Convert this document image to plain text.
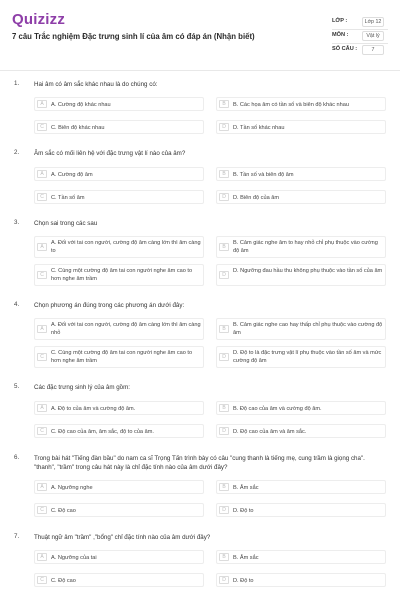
Quizizz
7 câu Trắc nghiệm Đặc trưng sinh lí của âm có đáp án (Nhận biết)
LỚP :	Lớp 12
MÔN :	Vật lý
SỐ CÂU :	7
1. Hai âm có âm sắc khác nhau là do chúng có:
A	A. Cường độ khác nhau	B	B. Các họa âm có tần số và biên độ khác nhau
C	C. Biên độ khác nhau	D	D. Tần số khác nhau
2. Âm sắc có mối liên hệ với đặc trưng vật lí nào của âm?
A	A. Cường độ âm	B	B. Tần số và biên độ âm
C	C. Tần số âm	D	D. Biên độ của âm
3. Chọn sai trong các sau
A
A. Đối với tai con người, cường độ âm càng lớn thì âm càng to
B
B. Cảm giác nghe âm to hay nhỏ chỉ phụ thuộc vào cường độ âm
C
C. Cùng một cường độ âm tai con người nghe âm cao to hơn nghe âm trầm
D
D. Ngưỡng đau hầu thu không phụ thuộc vào tần số của âm
4. Chọn phương án đúng trong các phương án dưới đây:
A
A. Đối với tai con người, cường độ âm càng lớn thì âm càng nhỏ
B
B. Cảm giác nghe cao hay thấp chỉ phụ thuộc vào cường độ âm
C
C. Cùng một cường độ âm tai con người nghe âm cao to hơn nghe âm trầm
D
D. Độ to là đặc trưng vật lí phụ thuộc vào tần số âm và mức cường độ âm
5. Các đặc trưng sinh lý của âm gồm:
A	A. Độ to của âm và cường độ âm.	B	B. Độ cao của âm và cường độ âm.
C	C. Độ cao của âm, âm sắc, độ to của âm.	D	D. Độ cao của âm và âm sắc.
6. Trong bài hát "Tiếng đàn bầu" do nam ca sĩ Trọng Tấn trình bày có câu "cung thanh là tiếng mẹ, cung trầm là giọng cha". "thanh", "trầm" trong câu hát này là chỉ đặc tính nào của âm dưới đây?
A	A. Ngưỡng nghe	B	B. Âm sắc
C	C. Độ cao	D	D. Độ to
7. Thuật ngữ âm "trầm" ,"bổng" chỉ đặc tính nào của âm dưới đây?
A	A. Ngưỡng của tai	B	B. Âm sắc
C	C. Độ cao	D	D. Độ to
